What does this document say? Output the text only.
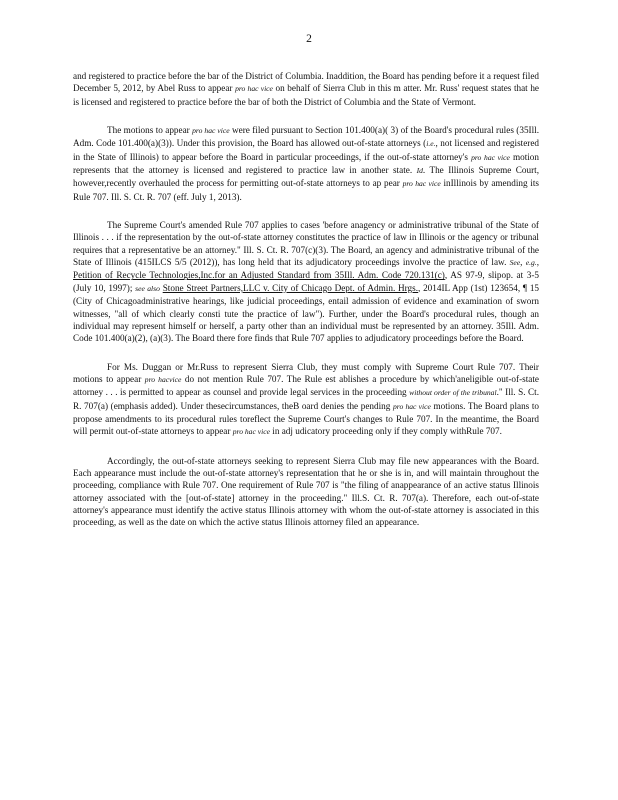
2

and registered to practice before the bar of the District of Columbia. Inaddition, the Board has pending before it a request filed December 5, 2012, by Abel Russ to appear pro hac vice on behalf of Sierra Club in this m atter. Mr. Russ' request states that he is licensed and registered to practice before the bar of both the District of Columbia and the State of Vermont.

The motions to appear pro hac vice were filed pursuant to Section 101.400(a)( 3) of the Board's procedural rules (35Ill. Adm. Code 101.400(a)(3)). Under this provision, the Board has allowed out-of-state attorneys (i.e., not licensed and registered in the State of Illinois) to appear before the Board in particular proceedings, if the out-of-state attorney's pro hac vice motion represents that the attorney is licensed and registered to practice law in another state. Id. The Illinois Supreme Court, however,recently overhauled the process for permitting out-of-state attorneys to ap pear pro hac vice inIllinois by amending its Rule 707. Ill. S. Ct. R. 707 (eff. July 1, 2013).

The Supreme Court's amended Rule 707 applies to cases 'before anagency or administrative tribunal of the State of Illinois . . . if the representation by the out-of-state attorney constitutes the practice of law in Illinois or the agency or tribunal requires that a representative be an attorney." Ill. S. Ct. R. 707(c)(3). The Board, an agency and administrative tribunal of the State of Illinois (415ILCS 5/5 (2012)), has long held that its adjudicatory proceedings involve the practice of law. See, e.g., Petition of Recycle Technologies,Inc.for an Adjusted Standard from 35Ill. Adm. Code 720.131(c), AS 97-9, slipop. at 3-5 (July 10, 1997); see also Stone Street Partners,LLC v. City of Chicago Dept. of Admin. Hrgs., 2014IL App (1st) 123654, ¶ 15 (City of Chicagoadministrative hearings, like judicial proceedings, entail admission of evidence and examination of sworn witnesses, "all of which clearly consti tute the practice of law"). Further, under the Board's procedural rules, though an individual may represent himself or herself, a party other than an individual must be represented by an attorney. 35Ill. Adm. Code 101.400(a)(2), (a)(3). The Board there fore finds that Rule 707 applies to adjudicatory proceedings before the Board.

For Ms. Duggan or Mr.Russ to represent Sierra Club, they must comply with Supreme Court Rule 707. Their motions to appear pro hacvice do not mention Rule 707. The Rule est ablishes a procedure by which'aneligible out-of-state attorney . . . is permitted to appear as counsel and provide legal services in the proceeding without order of the tribunal." Ill. S. Ct. R. 707(a) (emphasis added). Under thesecircumstances, theB oard denies the pending pro hac vice motions. The Board plans to propose amendments to its procedural rules toreflect the Supreme Court's changes to Rule 707. In the meantime, the Board will permit out-of-state attorneys to appear pro hac vice in adj udicatory proceeding only if they comply withRule 707.

Accordingly, the out-of-state attorneys seeking to represent Sierra Club may file new appearances with the Board. Each appearance must include the out-of-state attorney's representation that he or she is in, and will maintain throughout the proceeding, compliance with Rule 707. One requirement of Rule 707 is "the filing of anappearance of an active status Illinois attorney associated with the [out-of-state] attorney in the proceeding." Ill.S. Ct. R. 707(a). Therefore, each out-of-state attorney's appearance must identify the active status Illinois attorney with whom the out-of-state attorney is associated in this proceeding, as well as the date on which the active status Illinois attorney filed an appearance.
